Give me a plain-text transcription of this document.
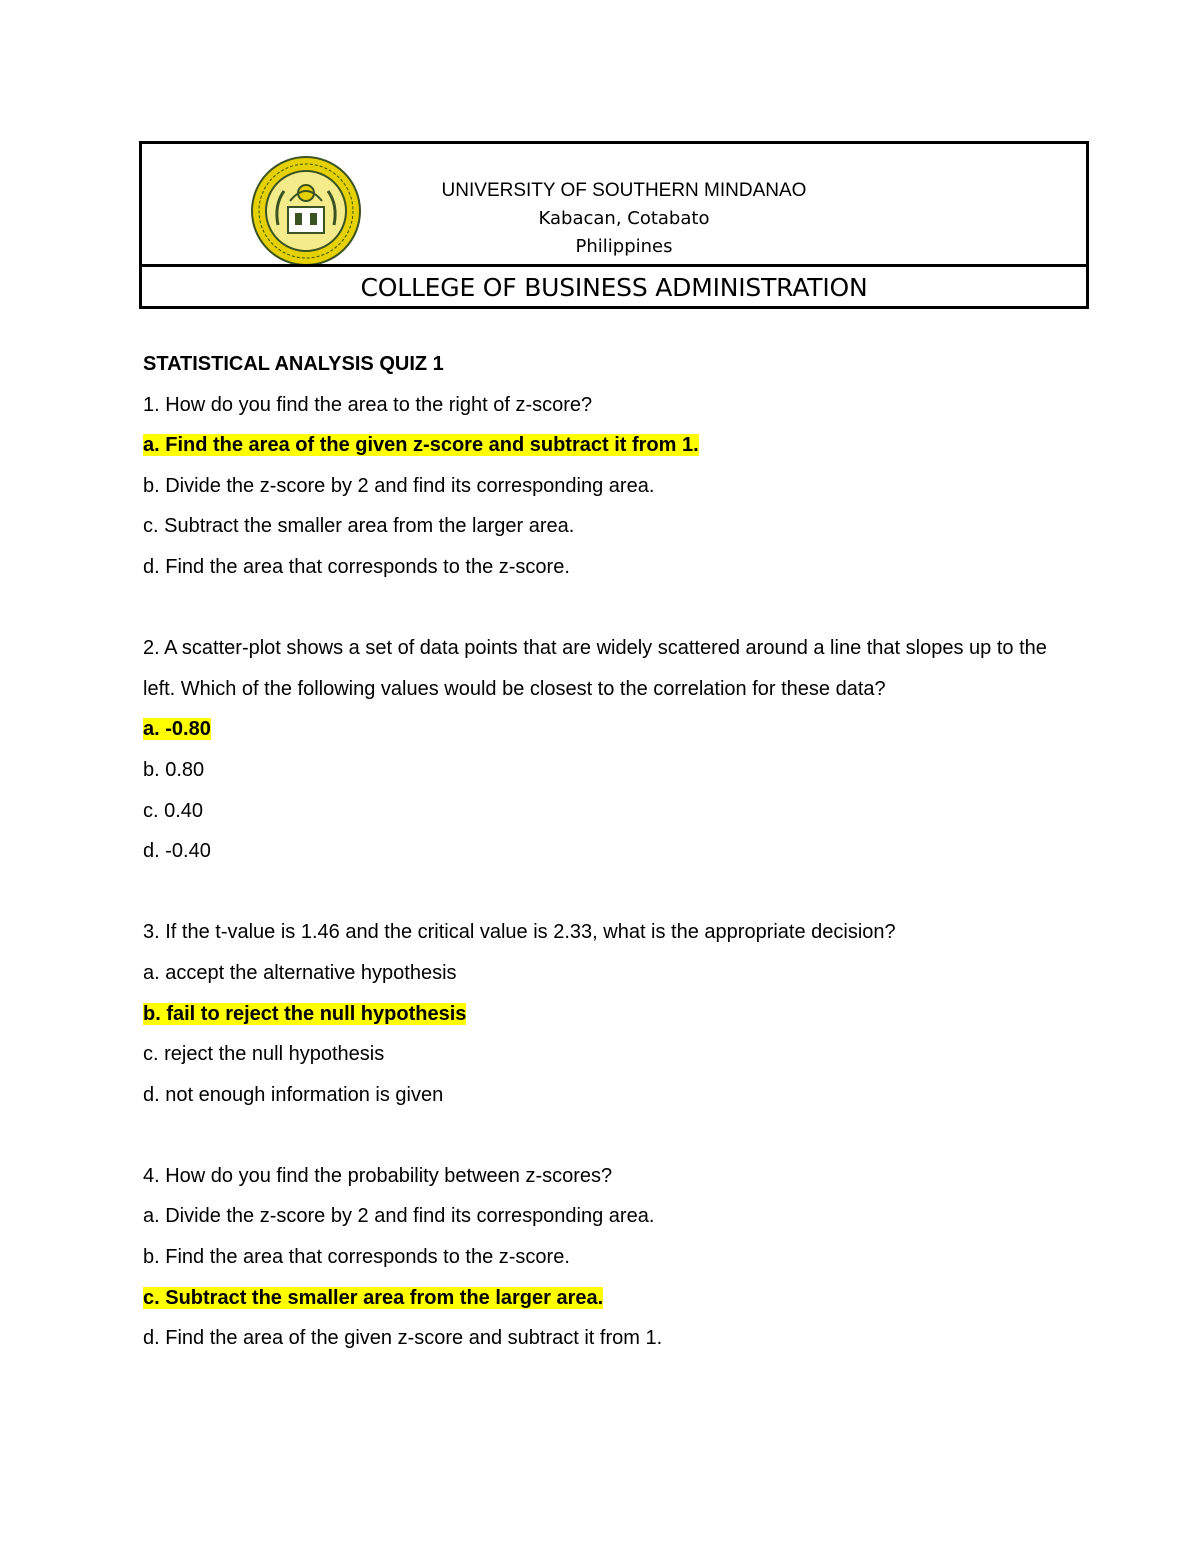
UNIVERSITY OF SOUTHERN MINDANAO
Kabacan, Cotabato
Philippines
COLLEGE OF BUSINESS ADMINISTRATION

STATISTICAL ANALYSIS QUIZ 1

1. How do you find the area to the right of z-score?

a. Find the area of the given z-score and subtract it from 1.

b. Divide the z-score by 2 and find its corresponding area.

c. Subtract the smaller area from the larger area.

d. Find the area that corresponds to the z-score.

2. A scatter-plot shows a set of data points that are widely scattered around a line that slopes up to the left. Which of the following values would be closest to the correlation for these data?

a. -0.80

b. 0.80

c. 0.40

d. -0.40

3. If the t-value is 1.46 and the critical value is 2.33, what is the appropriate decision?

a. accept the alternative hypothesis

b. fail to reject the null hypothesis

c. reject the null hypothesis

d. not enough information is given

4. How do you find the probability between z-scores?

a. Divide the z-score by 2 and find its corresponding area.

b. Find the area that corresponds to the z-score.

c. Subtract the smaller area from the larger area.

d. Find the area of the given z-score and subtract it from 1.
